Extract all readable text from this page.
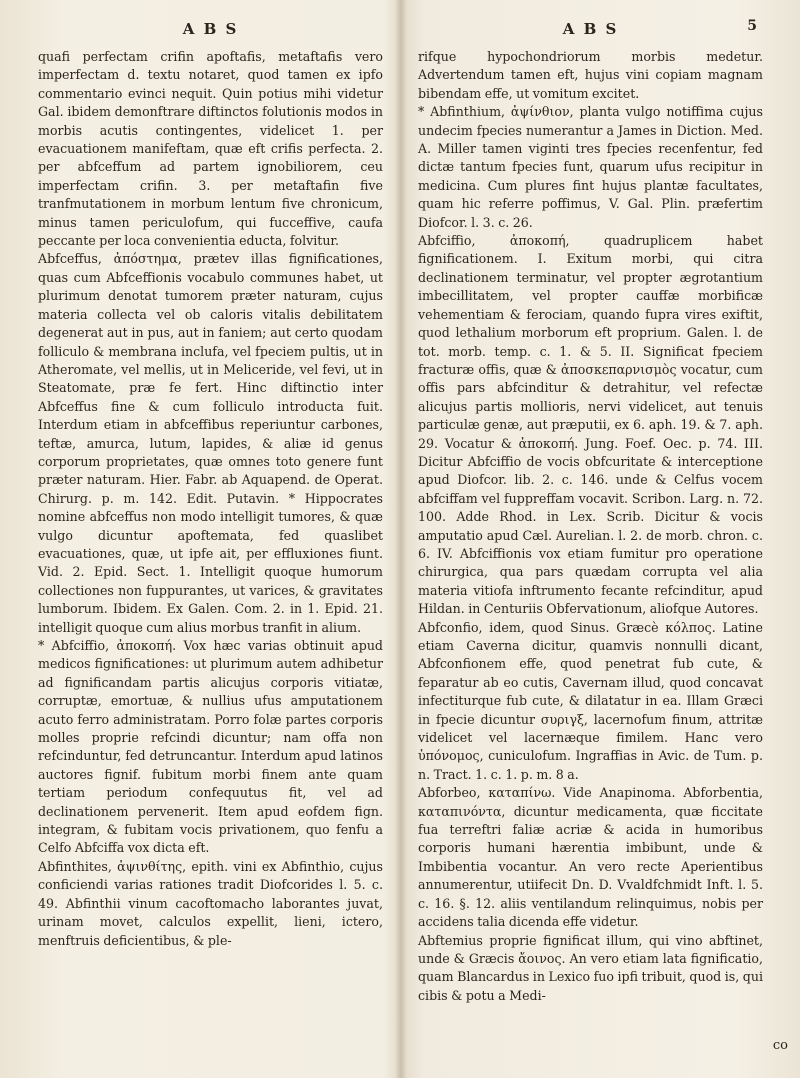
A B S

quafi perfectam crifin apoftafis, metaftafis vero imperfectam d. textu notaret, quod tamen ex ipfo commentario evinci nequit. Quin potius mihi videtur Gal. ibidem demonftrare diftinctos folutionis modos in morbis acutis contingentes, videlicet 1. per evacuationem manifeftam, quæ eft crifis perfecta. 2. per abfceffum ad partem ignobiliorem, ceu imperfectam crifin. 3. per metaftafin five tranfmutationem in morbum lentum five chronicum, minus tamen periculofum, qui fucceffive, caufa peccante per loca convenientia educta, folvitur.

Abfceffus, ἀπόστημα, prætev illas fignificationes, quas cum Abfceffionis vocabulo communes habet, ut plurimum denotat tumorem præter naturam, cujus materia collecta vel ob caloris vitalis debilitatem degenerat aut in pus, aut in faniem; aut certo quodam folliculo & membrana inclufa, vel fpeciem pultis, ut in Atheromate, vel mellis, ut in Meliceride, vel fevi, ut in Steatomate, præ fe fert. Hinc diftinctio inter Abfceffus fine & cum folliculo introducta fuit. Interdum etiam in abfceffibus reperiuntur carbones, teftæ, amurca, lutum, lapides, & aliæ id genus corporum proprietates, quæ omnes toto genere funt præter naturam. Hier. Fabr. ab Aquapend. de Operat. Chirurg. p. m. 142. Edit. Putavin. * Hippocrates nomine abfceffus non modo intelligit tumores, & quæ vulgo dicuntur apoftemata, fed quaslibet evacuationes, quæ, ut ipfe ait, per effluxiones fiunt. Vid. 2. Epid. Sect. 1. Intelligit quoque humorum collectiones non fuppurantes, ut varices, & gravitates lumborum. Ibidem. Ex Galen. Com. 2. in 1. Epid. 21. intelligit quoque cum alius morbus tranfit in alium.

* Abfciffio, ἀποκοπή. Vox hæc varias obtinuit apud medicos fignificationes: ut plurimum autem adhibetur ad fignificandam partis alicujus corporis vitiatæ, corruptæ, emortuæ, & nullius ufus amputationem acuto ferro administratam. Porro folæ partes corporis molles proprie refcindi dicuntur; nam offa non refcinduntur, fed detruncantur. Interdum apud latinos auctores fignif. fubitum morbi finem ante quam tertiam periodum confequutus fit, vel ad declinationem pervenerit. Item apud eofdem fign. integram, & fubitam vocis privationem, quo fenfu a Celfo Abfciffa vox dicta eft.

Abfinthites, ἀψινθίτης, epith. vini ex Abfinthio, cujus conficiendi varias rationes tradit Diofcorides l. 5. c. 49. Abfinthii vinum cacoftomacho laborantes juvat, urinam movet, calculos expellit, lieni, ictero, menftruis deficientibus, & ple-

A B S	5

rifque hypochondriorum morbis medetur. Advertendum tamen eft, hujus vini copiam magnam bibendam effe, ut vomitum excitet.

* Abfinthium, ἀψίνθιον, planta vulgo notiffima cujus undecim fpecies numerantur a James in Diction. Med. A. Miller tamen viginti tres fpecies recenfentur, fed dictæ tantum fpecies funt, quarum ufus recipitur in medicina. Cum plures fint hujus plantæ facultates, quam hic referre poffimus, V. Gal. Plin. præfertim Diofcor. l. 3. c. 26.

Abfciffio, ἀποκοπή, quadruplicem habet fignificationem. I. Exitum morbi, qui citra declinationem terminatur, vel propter ægrotantium imbecillitatem, vel propter cauffæ morbificæ vehementiam & ferociam, quando fupra vires exiftit, quod lethalium morborum eft proprium. Galen. l. de tot. morb. temp. c. 1. & 5. II. Significat fpeciem fracturæ offis, quæ & ἀποσκεπαρνισμὸς vocatur, cum offis pars abfcinditur & detrahitur, vel refectæ alicujus partis mollioris, nervi videlicet, aut tenuis particulæ genæ, aut præputii, ex 6. aph. 19. & 7. aph. 29. Vocatur & ἀποκοπή. Jung. Foef. Oec. p. 74. III. Dicitur Abfciffio de vocis obfcuritate & interceptione apud Diofcor. lib. 2. c. 146. unde & Celfus vocem abfciffam vel fuppreffam vocavit. Scribon. Larg. n. 72. 100. Adde Rhod. in Lex. Scrib. Dicitur & vocis amputatio apud Cæl. Aurelian. l. 2. de morb. chron. c. 6. IV. Abfciffionis vox etiam fumitur pro operatione chirurgica, qua pars quædam corrupta vel alia materia vitiofa inftrumento fecante refcinditur, apud Hildan. in Centuriis Obfervationum, aliofque Autores.

Abfconfio, idem, quod Sinus. Græcè κόλπος. Latine etiam Caverna dicitur, quamvis nonnulli dicant, Abfconfionem effe, quod penetrat fub cute, & feparatur ab eo cutis, Cavernam illud, quod concavat infectiturque fub cute, & dilatatur in ea. Illam Græci in fpecie dicuntur συριγξ, lacernofum finum, attritæ videlicet vel lacernæque fimilem. Hanc vero ὑπόνομος, cuniculofum. Ingraffias in Avic. de Tum. p. n. Tract. 1. c. 1. p. m. 8 a.

Abforbeo, καταπίνω. Vide Anapinoma. Abforbentia, καταπινόντα, dicuntur medicamenta, quæ ficcitate fua terreftri faliæ acriæ & acida in humoribus corporis humani hærentia imbibunt, unde & Imbibentia vocantur. An vero recte Aperientibus annumerentur, utiifecit Dn. D. Vvaldfchmidt Inft. l. 5. c. 16. §. 12. aliis ventilandum relinquimus, nobis per accidens talia dicenda effe videtur.

Abftemius proprie fignificat illum, qui vino abftinet, unde & Græcis ἄοινος. An vero etiam lata fignificatio, quam Blancardus in Lexico fuo ipfi tribuit, quod is, qui cibis & potu a Medi-

co
